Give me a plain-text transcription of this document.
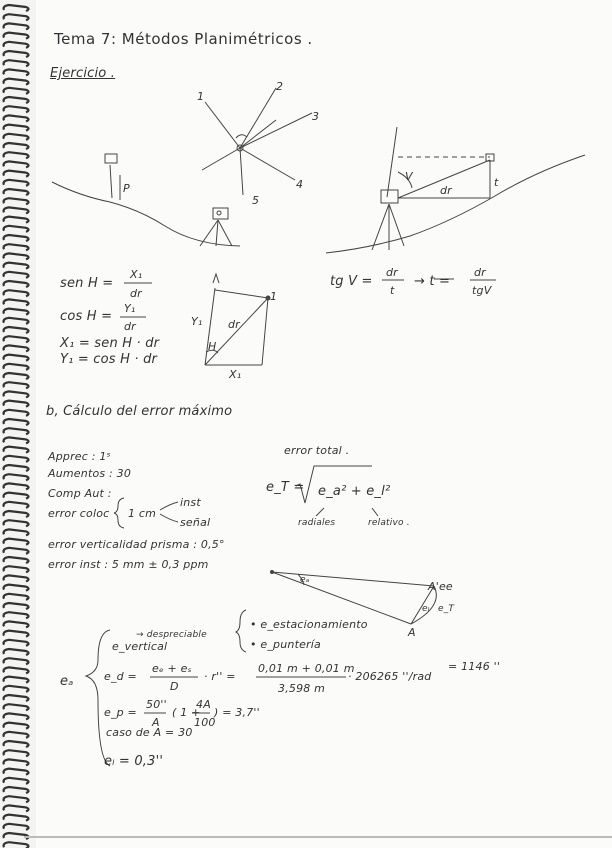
Tema 7: Métodos Planimétricos .
Ejercicio .
1
2
3
4
5
P
V
dr
t
sen H =
X₁
dr
cos H =
Y₁
dr
X₁ = sen H · dr
Y₁ = cos H · dr
1
Y₁
X₁
dr
H
tg V =
dr
t
→ t =
dr
tgV
b, Cálculo del error máximo
Apprec : 1ˢ
Aumentos : 30
Comp Aut :
error coloc 1 cm
inst
señal
error verticalidad prisma : 0,5°
error inst : 5 mm ± 0,3 ppm
error total .
e_T = e_a² + e_l²
radiales	relativo .
A
A'ee
eₐ
e_T
eₗ
eₐ
e_vertical
→ despreciable
• e_estacionamiento
• e_puntería
e_d =
eₑ + eₛ
D
· r'' =
0,01 m + 0,01 m
3,598 m
· 206265 ''/rad
= 1146 ''
e_p =
50''
A
( 1 +
4A
100
) = 3,7''
caso de A = 30
eₗ = 0,3''
